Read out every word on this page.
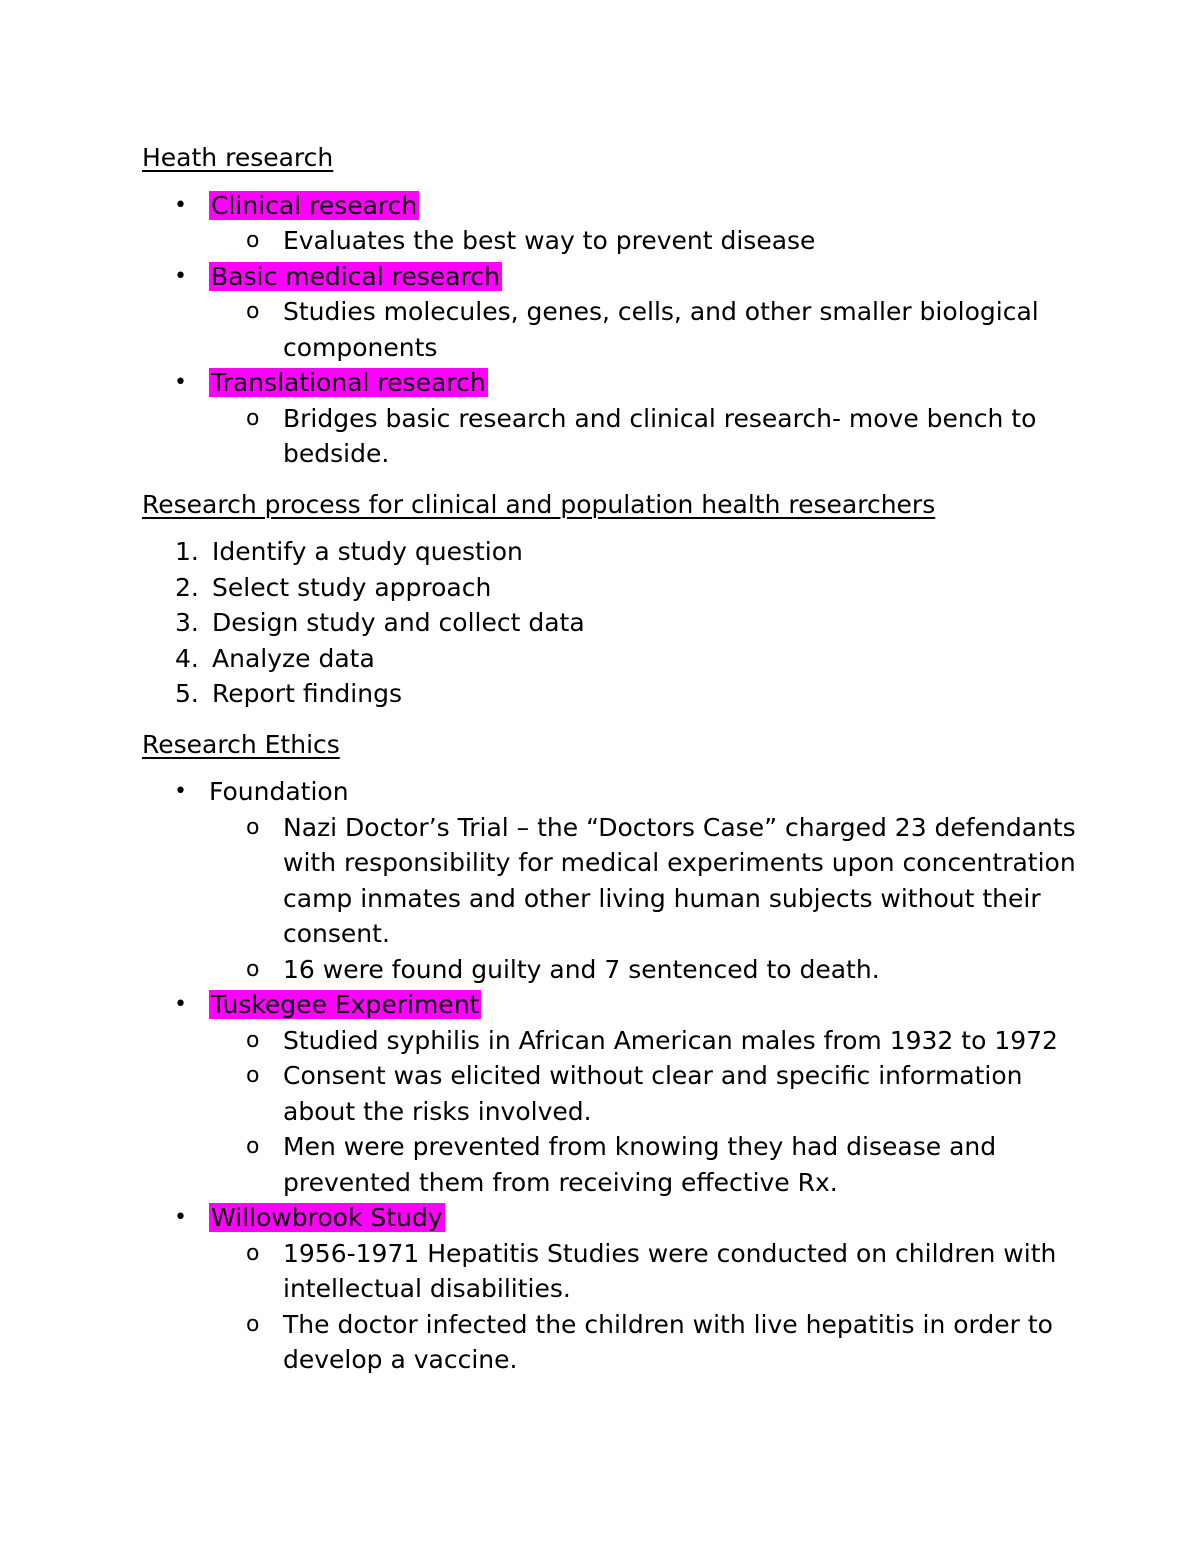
Heath research

• Clinical research
o Evaluates the best way to prevent disease
• Basic medical research
o Studies molecules, genes, cells, and other smaller biological components
• Translational research
o Bridges basic research and clinical research- move bench to bedside.

Research process for clinical and population health researchers

1. Identify a study question
2. Select study approach
3. Design study and collect data
4. Analyze data
5. Report findings

Research Ethics

• Foundation
o Nazi Doctor’s Trial – the “Doctors Case” charged 23 defendants with responsibility for medical experiments upon concentration camp inmates and other living human subjects without their consent.
o 16 were found guilty and 7 sentenced to death.
• Tuskegee Experiment
o Studied syphilis in African American males from 1932 to 1972
o Consent was elicited without clear and specific information about the risks involved.
o Men were prevented from knowing they had disease and prevented them from receiving effective Rx.
• Willowbrook Study
o 1956-1971 Hepatitis Studies were conducted on children with intellectual disabilities.
o The doctor infected the children with live hepatitis in order to develop a vaccine.
